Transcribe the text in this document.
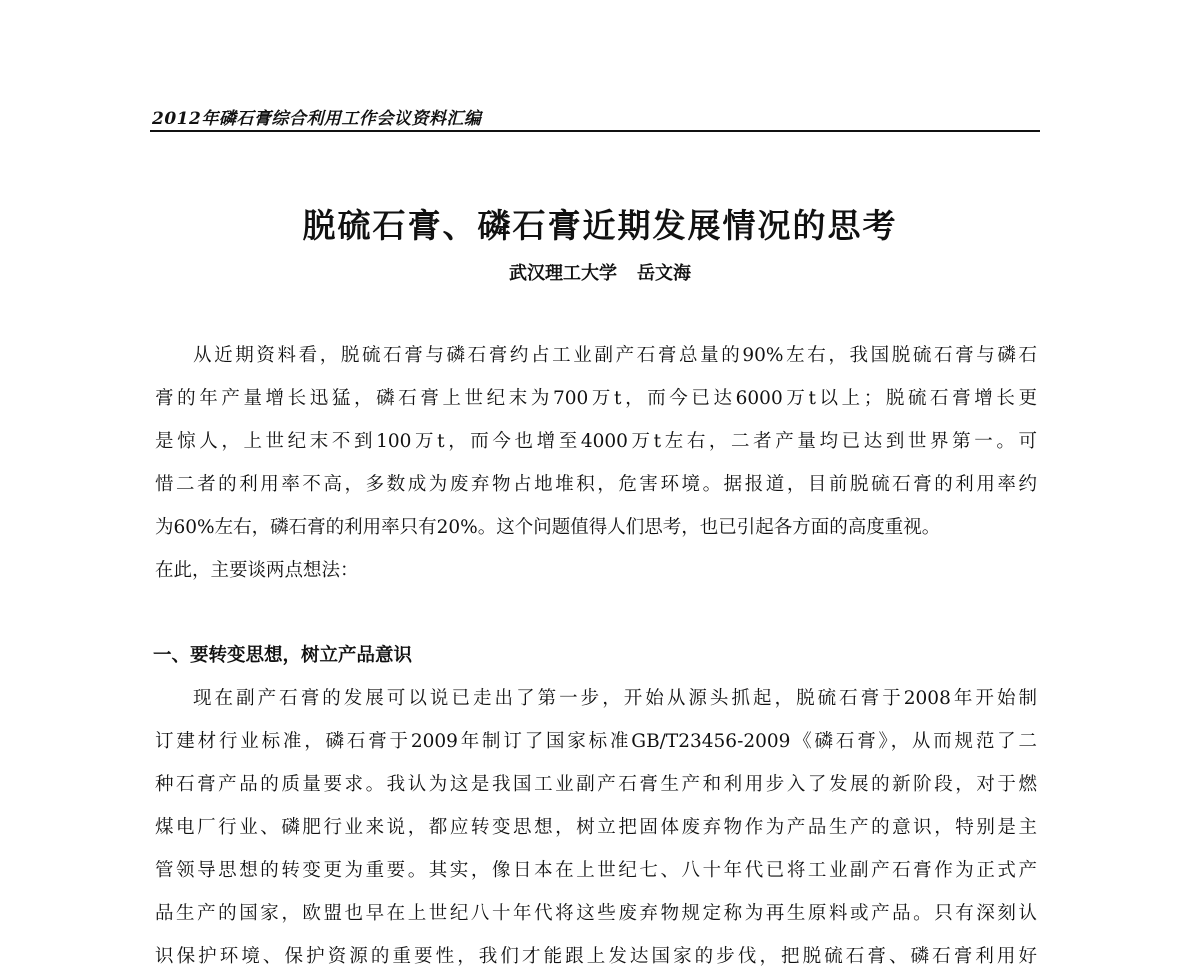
2012年磷石膏综合利用工作会议资料汇编
脱硫石膏、磷石膏近期发展情况的思考
武汉理工大学 岳文海
从近期资料看，脱硫石膏与磷石膏约占工业副产石膏总量的90%左右，我国脱硫石膏与磷石
膏的年产量增长迅猛，磷石膏上世纪末为700万t，而今已达6000万t以上；脱硫石膏增长更
是惊人，上世纪末不到100万t，而今也增至4000万t左右，二者产量均已达到世界第一。可
惜二者的利用率不高，多数成为废弃物占地堆积，危害环境。据报道，目前脱硫石膏的利用率约
为60%左右，磷石膏的利用率只有20%。这个问题值得人们思考，也已引起各方面的高度重视。
在此，主要谈两点想法：
一、要转变思想，树立产品意识
现在副产石膏的发展可以说已走出了第一步，开始从源头抓起，脱硫石膏于2008年开始制
订建材行业标准，磷石膏于2009年制订了国家标准GB/T23456-2009《磷石膏》，从而规范了二
种石膏产品的质量要求。我认为这是我国工业副产石膏生产和利用步入了发展的新阶段，对于燃
煤电厂行业、磷肥行业来说，都应转变思想，树立把固体废弃物作为产品生产的意识，特别是主
管领导思想的转变更为重要。其实，像日本在上世纪七、八十年代已将工业副产石膏作为正式产
品生产的国家，欧盟也早在上世纪八十年代将这些废弃物规定称为再生原料或产品。只有深刻认
识保护环境、保护资源的重要性，我们才能跟上发达国家的步伐，把脱硫石膏、磷石膏利用好
